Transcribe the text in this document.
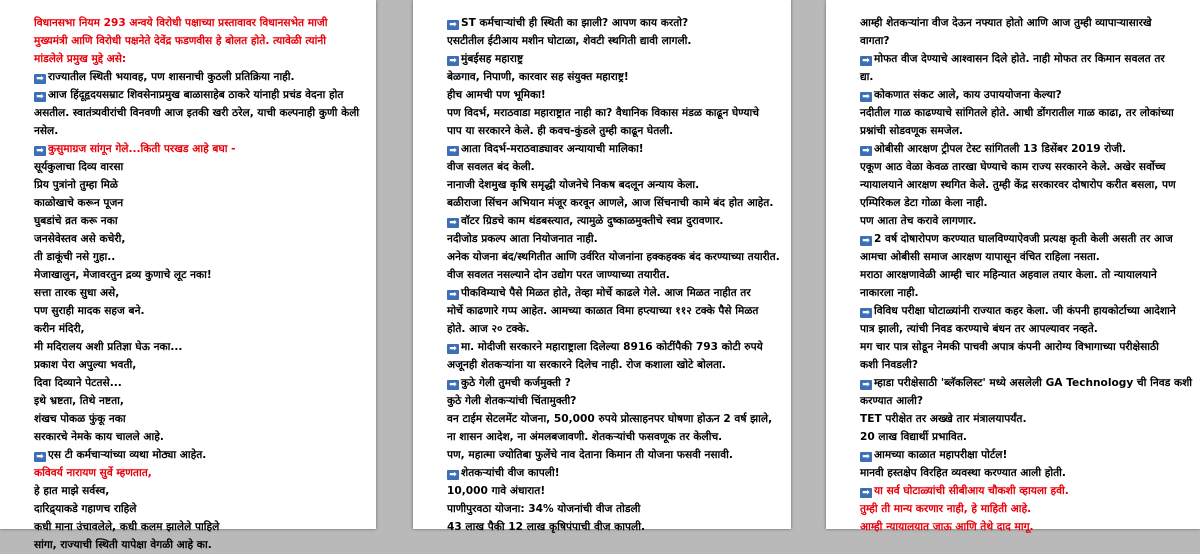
विधानसभा नियम 293 अन्वये विरोधी पक्षाच्या प्रस्तावावर विधानसभेत माजी
मुख्यमंत्री आणि विरोधी पक्षनेते देवेंद्र फडणवीस हे बोलत होते. त्यावेळी त्यांनी
मांडलेले प्रमुख मुद्दे असे:
➡ राज्यातील स्थिती भयावह, पण शासनाची कुठली प्रतिक्रिया नाही.
➡ आज हिंदूहृदयसम्राट शिवसेनाप्रमुख बाळासाहेब ठाकरे यांनाही प्रचंड वेदना होत
असतील. स्वातंत्र्यवीरांची विनवणी आज इतकी खरी ठरेल, याची कल्पनाही कुणी केली
नसेल.
➡ कुसुमाग्रज सांगून गेले...किती परखड आहे बघा -
सूर्यकुलाचा दिव्य वारसा
प्रिय पुत्रांनो तुम्हा मिळे
काळोखाचे करून पूजन
घुबडांचे व्रत करू नका
जनसेवेस्तव असे कचेरी,
ती डाकूंची नसे गुहा..
मेजाखालुन, मेजावरतुन द्रव्य कुणाचे लूट नका!
सत्ता तारक सुधा असे,
पण सुराही मादक सहज बने.
करीन मंदिरी,
मी मदिरालय अशी प्रतिज्ञा घेऊ नका...
प्रकाश पेरा अपुल्या भवती,
दिवा दिव्याने पेटतसे...
इथे भ्रष्टता, तिथे नष्टता,
शंखच पोकळ फुंकू नका
सरकारचे नेमके काय चालले आहे.
➡ एस टी कर्मचाऱ्यांच्या व्यथा मोठ्या आहेत.
कविवर्य नारायण सुर्वे म्हणतात,
हे हात माझे सर्वस्व,
दारिद्र्याकडे गहाणच राहिले
कधी माना उंचावलेले, कधी कलम झालेले पाहिले
सांगा, राज्याची स्थिती यापेक्षा वेगळी आहे का.
➡ ST कर्मचाऱ्यांची ही स्थिती का झाली? आपण काय करतो?
एसटीतील ईटीआय मशीन घोटाळा, शेवटी स्थगिती द्यावी लागली.
➡ मुंबईसह महाराष्ट्र
बेळगाव, निपाणी, कारवार सह संयुक्त महाराष्ट्र!
हीच आमची पण भूमिका!
पण विदर्भ, मराठवाडा महाराष्ट्रात नाही का? वैधानिक विकास मंडळ काढून घेण्याचे
पाप या सरकारने केले. ही कवच-कुंडले तुम्ही काढून घेतली.
➡ आता विदर्भ-मराठवाड्यावर अन्यायाची मालिका!
वीज सवलत बंद केली.
नानाजी देशमुख कृषि समृद्धी योजनेचे निकष बदलून अन्याय केला.
बळीराजा सिंचन अभियान मंजूर करवून आणले, आज सिंचनाची कामे बंद होत आहेत.
➡ वॉटर ग्रिडचे काम थंडबस्त्यात, त्यामुळे दुष्काळमुक्तीचे स्वप्न दुरावणार.
नदीजोड प्रकल्प आता नियोजनात नाही.
अनेक योजना बंद/स्थगितीत आणि उर्वरित योजनांना हक्कहक्क बंद करण्याच्या तयारीत.
वीज सवलत नसल्याने दोन उद्योग परत जाण्याच्या तयारीत.
➡ पीकविम्याचे पैसे मिळत होते, तेव्हा मोर्चे काढले गेले. आज मिळत नाहीत तर
मोर्चे काढणारे गप्प आहेत. आमच्या काळात विमा हप्त्याच्या ११२ टक्के पैसे मिळत
होते. आज २० टक्के.
➡ मा. मोदीजी सरकारने महाराष्ट्राला दिलेल्या 8916 कोटींपैकी 793 कोटी रुपये
अजूनही शेतकऱ्यांना या सरकारने दिलेच नाही. रोज कशाला खोटे बोलता.
➡ कुठे गेली तुमची कर्जमुक्ती ?
कुठे गेली शेतकऱ्यांची चिंतामुक्ती?
वन टाईम सेटलमेंट योजना, 50,000 रुपये प्रोत्साहनपर घोषणा होऊन 2 वर्ष झाले,
ना शासन आदेश, ना अंमलबजावणी. शेतकऱ्यांची फसवणूक तर केलीच.
पण, महात्मा ज्योतिबा फुलेंचे नाव देताना किमान ती योजना फसवी नसावी.
➡ शेतकऱ्यांची वीज कापली!
10,000 गावे अंधारात!
पाणीपुरवठा योजना: 34% योजनांची वीज तोडली
43 लाख पैकी 12 लाख कृषिपंपाची वीज कापली.
आम्ही शेतकऱ्यांना वीज देऊन नफ्यात होतो आणि आज तुम्ही व्यापाऱ्यासारखे
वागता?
➡ मोफत वीज देण्याचे आश्वासन दिले होते. नाही मोफत तर किमान सवलत तर
द्या.
➡ कोकणात संकट आले, काय उपाययोजना केल्या?
नदीतील गाळ काढण्याचे सांगितले होते. आधी डोंगरातील गाळ काढा, तर लोकांच्या
प्रश्नांची सोडवणूक समजेल.
➡ ओबीसी आरक्षण ट्रीपल टेस्ट सांगितली 13 डिसेंबर 2019 रोजी.
एकूण आठ वेळा केवळ तारखा घेण्याचे काम राज्य सरकारने केले. अखेर सर्वोच्च
न्यायालयाने आरक्षण स्थगित केले. तुम्ही केंद्र सरकारवर दोषारोप करीत बसला, पण
एम्पिरिकल डेटा गोळा केला नाही.
पण आता तेच करावे लागणार.
➡ 2 वर्ष दोषारोपण करण्यात घालविण्याऐवजी प्रत्यक्ष कृती केली असती तर आज
आमचा ओबीसी समाज आरक्षण यापासून वंचित राहिला नसता.
मराठा आरक्षणावेळी आम्ही चार महिन्यात अहवाल तयार केला. तो न्यायालयाने
नाकारला नाही.
➡ विविध परीक्षा घोटाळ्यांनी राज्यात कहर केला. जी कंपनी हायकोर्टाच्या आदेशाने
पात्र झाली, त्यांची निवड करण्याचे बंधन तर आपल्यावर नव्हते.
मग चार पात्र सोडून नेमकी पाचवी अपात्र कंपनी आरोग्य विभागाच्या परीक्षेसाठी
कशी निवडली?
➡ म्हाडा परीक्षेसाठी 'ब्लॅकलिस्ट' मध्ये असलेली GA Technology ची निवड कशी
करण्यात आली?
TET परीक्षेत तर अख्खे तार मंत्रालयापर्यंत.
20 लाख विद्यार्थी प्रभावित.
➡ आमच्या काळात महापरीक्षा पोर्टल!
मानवी हस्तक्षेप विरहित व्यवस्था करण्यात आली होती.
➡ या सर्व घोटाळ्यांची सीबीआय चौकशी व्हायला हवी.
तुम्ही ती मान्य करणार नाही, हे माहिती आहे.
आम्ही न्यायालयात जाऊ आणि तेथे दाद मागू.
